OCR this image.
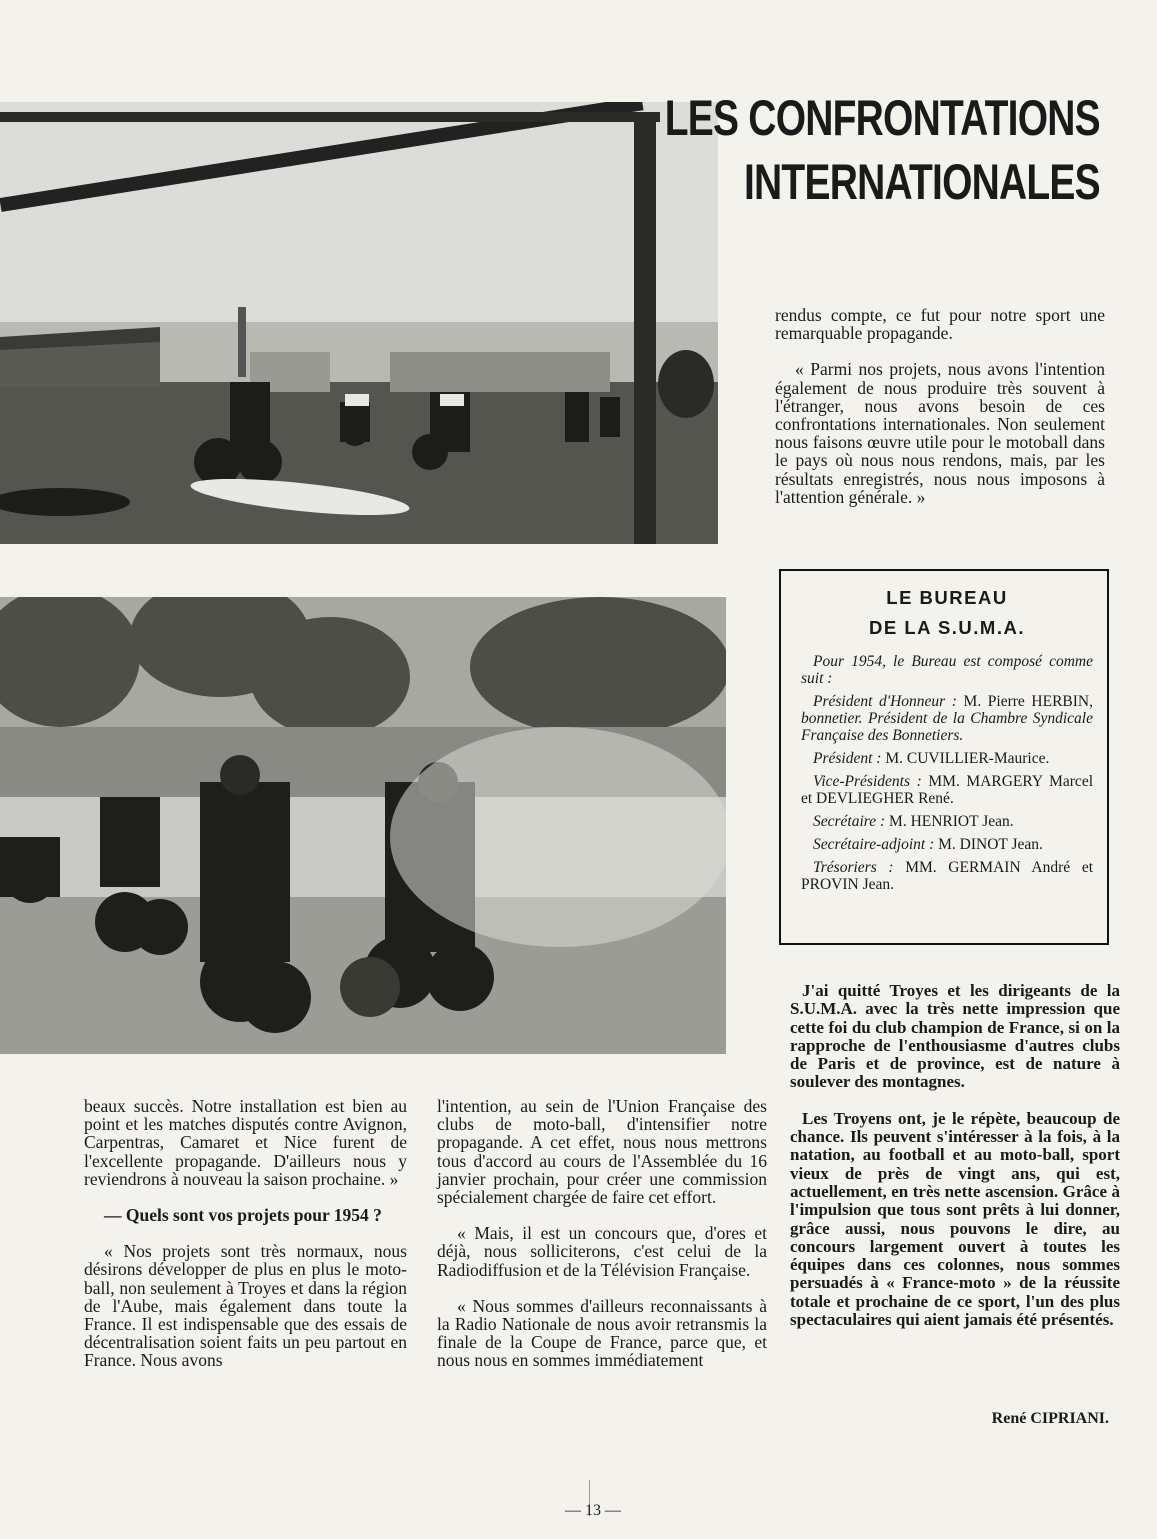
LES CONFRONTATIONS
INTERNATIONALES

rendus compte, ce fut pour notre sport une remarquable propagande.

« Parmi nos projets, nous avons l'intention également de nous produire très souvent à l'étranger, nous avons besoin de ces confrontations internationales. Non seulement nous faisons œuvre utile pour le motoball dans le pays où nous nous rendons, mais, par les résultats enregistrés, nous nous imposons à l'attention générale. »

LE BUREAU
DE LA S.U.M.A.

Pour 1954, le Bureau est composé comme suit :

Président d'Honneur : M. Pierre HERBIN, bonnetier. Président de la Chambre Syndicale Française des Bonnetiers.

Président : M. CUVILLIER-Maurice.

Vice-Présidents : MM. MARGERY Marcel et DEVLIEGHER René.

Secrétaire : M. HENRIOT Jean.

Secrétaire-adjoint : M. DINOT Jean.

Trésoriers : MM. GERMAIN André et PROVIN Jean.

J'ai quitté Troyes et les dirigeants de la S.U.M.A. avec la très nette impression que cette foi du club champion de France, si on la rapproche de l'enthousiasme d'autres clubs de Paris et de province, est de nature à soulever des montagnes.

Les Troyens ont, je le répète, beaucoup de chance. Ils peuvent s'intéresser à la fois, à la natation, au football et au moto-ball, sport vieux de près de vingt ans, qui est, actuellement, en très nette ascension. Grâce à l'impulsion que tous sont prêts à lui donner, grâce aussi, nous pouvons le dire, au concours largement ouvert à toutes les équipes dans ces colonnes, nous sommes persuadés à « France-moto » de la réussite totale et prochaine de ce sport, l'un des plus spectaculaires qui aient jamais été présentés.

René CIPRIANI.

beaux succès. Notre installation est bien au point et les matches disputés contre Avignon, Carpentras, Camaret et Nice furent de l'excellente propagande. D'ailleurs nous y reviendrons à nouveau la saison prochaine. »

— Quels sont vos projets pour 1954 ?

« Nos projets sont très normaux, nous désirons développer de plus en plus le moto-ball, non seulement à Troyes et dans la région de l'Aube, mais également dans toute la France. Il est indispensable que des essais de décentralisation soient faits un peu partout en France. Nous avons

l'intention, au sein de l'Union Française des clubs de moto-ball, d'intensifier notre propagande. A cet effet, nous nous mettrons tous d'accord au cours de l'Assemblée du 16 janvier prochain, pour créer une commission spécialement chargée de faire cet effort.

« Mais, il est un concours que, d'ores et déjà, nous solliciterons, c'est celui de la Radiodiffusion et de la Télévision Française.

« Nous sommes d'ailleurs reconnaissants à la Radio Nationale de nous avoir retransmis la finale de la Coupe de France, parce que, et nous nous en sommes immédiatement

— 13 —
